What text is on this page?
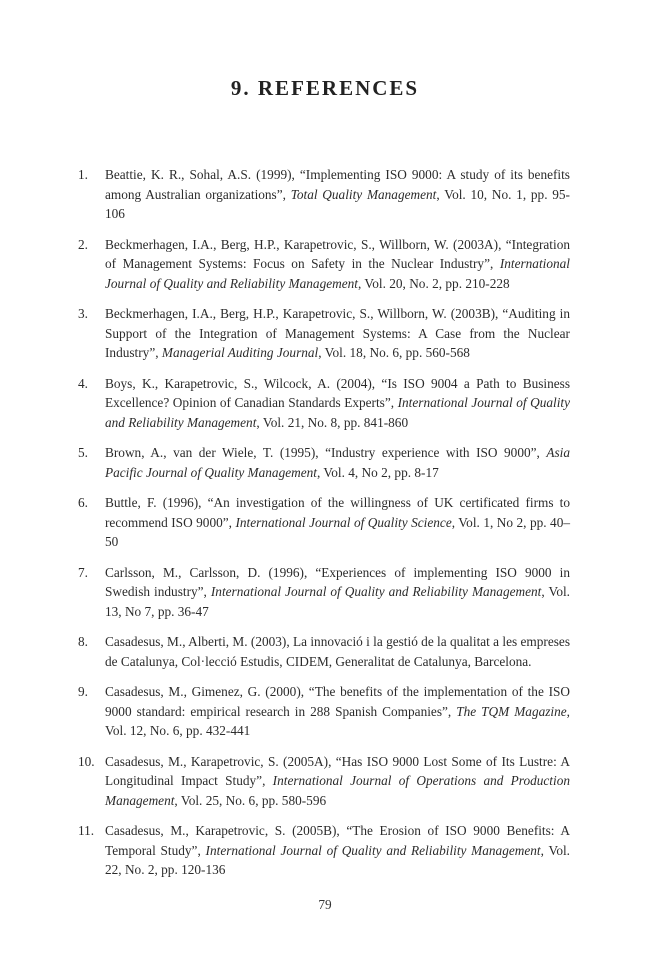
9. REFERENCES
1. Beattie, K. R., Sohal, A.S. (1999), “Implementing ISO 9000: A study of its benefits among Australian organizations”, Total Quality Management, Vol. 10, No. 1, pp. 95-106
2. Beckmerhagen, I.A., Berg, H.P., Karapetrovic, S., Willborn, W. (2003A), “Integration of Management Systems: Focus on Safety in the Nuclear Industry”, International Journal of Quality and Reliability Management, Vol. 20, No. 2, pp. 210-228
3. Beckmerhagen, I.A., Berg, H.P., Karapetrovic, S., Willborn, W. (2003B), “Auditing in Support of the Integration of Management Systems: A Case from the Nuclear Industry”, Managerial Auditing Journal, Vol. 18, No. 6, pp. 560-568
4. Boys, K., Karapetrovic, S., Wilcock, A. (2004), “Is ISO 9004 a Path to Business Excellence? Opinion of Canadian Standards Experts”, International Journal of Quality and Reliability Management, Vol. 21, No. 8, pp. 841-860
5. Brown, A., van der Wiele, T. (1995), “Industry experience with ISO 9000”, Asia Pacific Journal of Quality Management, Vol. 4, No 2, pp. 8-17
6. Buttle, F. (1996), “An investigation of the willingness of UK certificated firms to recommend ISO 9000”, International Journal of Quality Science, Vol. 1, No 2, pp. 40–50
7. Carlsson, M., Carlsson, D. (1996), “Experiences of implementing ISO 9000 in Swedish industry”, International Journal of Quality and Reliability Management, Vol. 13, No 7, pp. 36-47
8. Casadesus, M., Alberti, M. (2003), La innovació i la gestió de la qualitat a les empreses de Catalunya, Col·lecció Estudis, CIDEM, Generalitat de Catalunya, Barcelona.
9. Casadesus, M., Gimenez, G. (2000), “The benefits of the implementation of the ISO 9000 standard: empirical research in 288 Spanish Companies”, The TQM Magazine, Vol. 12, No. 6, pp. 432-441
10. Casadesus, M., Karapetrovic, S. (2005A), “Has ISO 9000 Lost Some of Its Lustre: A Longitudinal Impact Study”, International Journal of Operations and Production Management, Vol. 25, No. 6, pp. 580-596
11. Casadesus, M., Karapetrovic, S. (2005B), “The Erosion of ISO 9000 Benefits: A Temporal Study”, International Journal of Quality and Reliability Management, Vol. 22, No. 2, pp. 120-136
79
